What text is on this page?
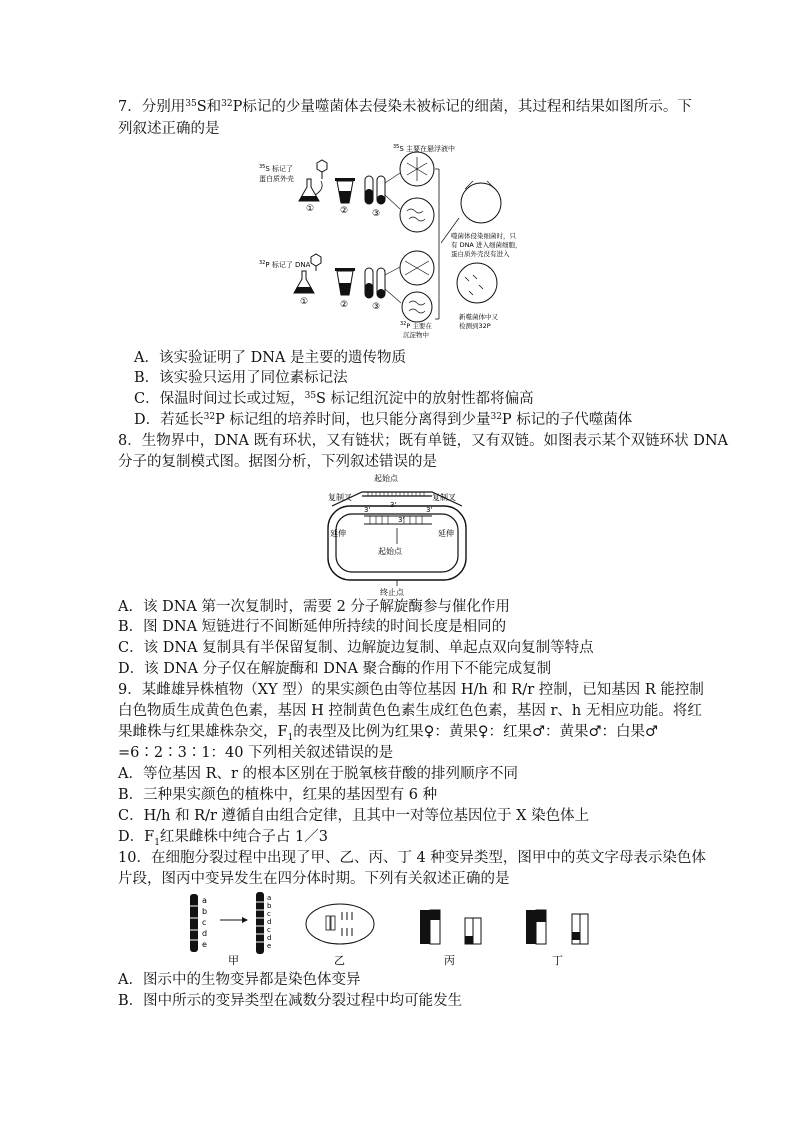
7．分别用$^{35}$S和$^{32}$P标记的少量噬菌体去侵染未被标记的细菌，其过程和结果如图所示。下
列叙述正确的是
$^{35}$S 标记了
蛋白质外壳
①	②	③
$^{35}$S 主要在悬浮液中
$^{32}$P 标记了 DNA
①	②	③
$^{32}$P 主要在
沉淀物中
噬菌体侵染细菌时，只
有 DNA 进入细菌细胞，
蛋白质外壳没有进入
新噬菌体中又
检测到32P
A．该实验证明了 DNA 是主要的遗传物质
B．该实验只运用了同位素标记法
C．保温时间过长或过短，$^{35}$S 标记组沉淀中的放射性都将偏高
D．若延长$^{32}$P 标记组的培养时间，也只能分离得到少量$^{32}$P 标记的子代噬菌体
8．生物界中，DNA 既有环状，又有链状；既有单链，又有双链。如图表示某个双链环状 DNA
分子的复制模式图。据图分析，下列叙述错误的是
起始点
复制叉	复制叉
3'
3'
3'
3'
延伸	延伸
起始点
终止点
A．该 DNA 第一次复制时，需要 2 分子解旋酶参与催化作用
B．图 DNA 短链进行不间断延伸所持续的时间长度是相同的
C．该 DNA 复制具有半保留复制、边解旋边复制、单起点双向复制等特点
D．该 DNA 分子仅在解旋酶和 DNA 聚合酶的作用下不能完成复制
9．某雌雄异株植物（XY 型）的果实颜色由等位基因 H/h 和 R/r 控制，已知基因 R 能控制
白色物质生成黄色色素，基因 H 控制黄色色素生成红色色素，基因 r、h 无相应功能。将红
果雌株与红果雄株杂交，$F_1$的表型及比例为红果♀：黄果♀：红果♂：黄果♂：白果♂
=6∶2∶3∶1：40 下列相关叙述错误的是
A．等位基因 R、r 的根本区别在于脱氧核苷酸的排列顺序不同
B．三种果实颜色的植株中，红果的基因型有 6 种
C．H/h 和 R/r 遵循自由组合定律，且其中一对等位基因位于 X 染色体上
D．$F_1$红果雌株中纯合子占 1／3
10．在细胞分裂过程中出现了甲、乙、丙、丁 4 种变异类型，图甲中的英文字母表示染色体
片段，图丙中变异发生在四分体时期。下列有关叙述正确的是
a
b
c
d
e
a
b
c
d
c
d
e
甲	乙	丙	丁
A．图示中的生物变异都是染色体变异
B．图中所示的变异类型在减数分裂过程中均可能发生
